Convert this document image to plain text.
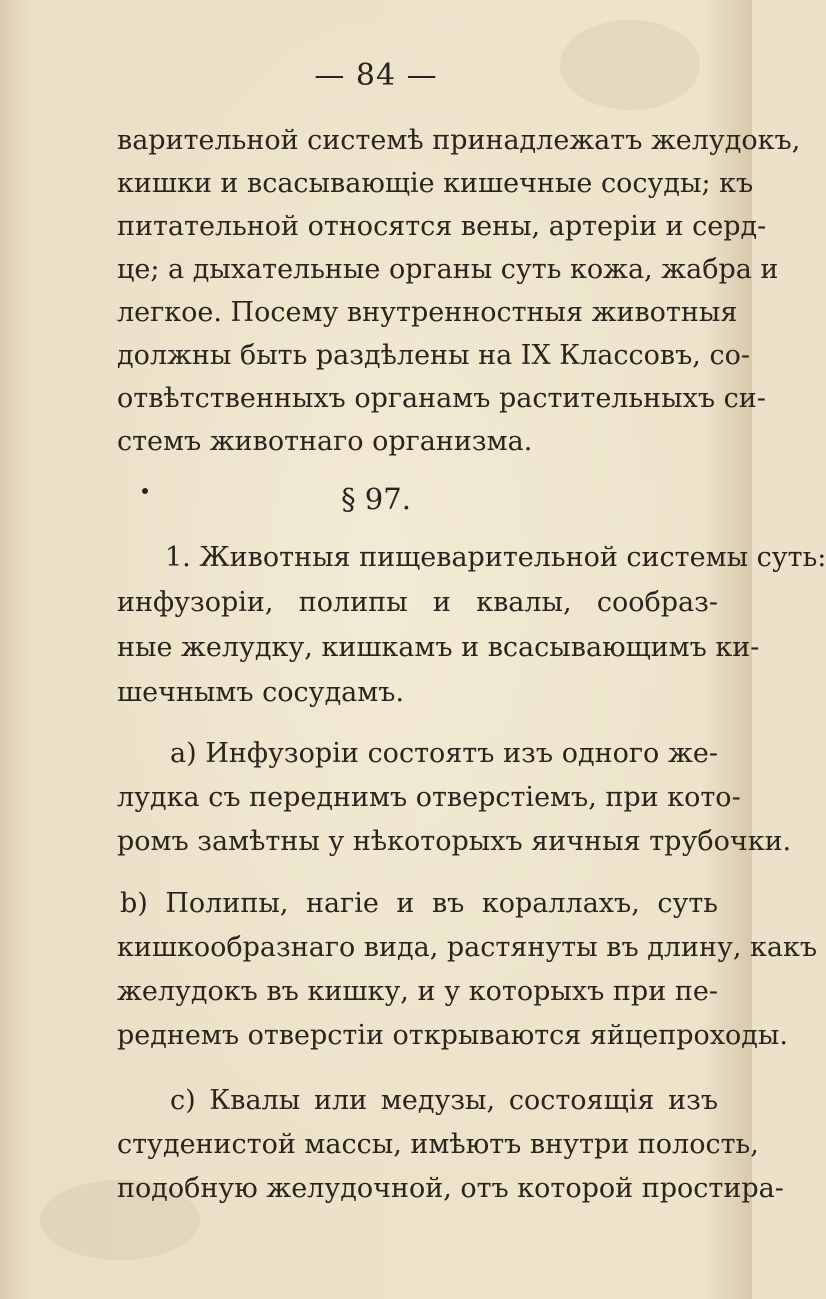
— 84 —
варительной системѣ принадлежатъ желудокъ,
кишки и всасывающіе кишечные сосуды; къ
питательной относятся вены, артеріи и серд-
це; а дыхательные органы суть кожа, жабра и
легкое. Посему внутренностныя животныя
должны быть раздѣлены на IX Классовъ, со-
отвѣтственныхъ органамъ растительныхъ си-
стемъ животнаго организма.
§ 97.
1. Животныя пищеварительной системы суть:
инфузоріи, полипы и квалы, сообраз-
ные желудку, кишкамъ и всасывающимъ ки-
шечнымъ сосудамъ.
a) Инфузоріи состоятъ изъ одного же-
лудка съ переднимъ отверстіемъ, при кото-
ромъ замѣтны у нѣкоторыхъ яичныя трубочки.
b) Полипы, нагіе и въ кораллахъ, суть
кишкообразнаго вида, растянуты въ длину, какъ
желудокъ въ кишку, и у которыхъ при пе-
реднемъ отверстіи открываются яйцепроходы.
c) Квалы или медузы, состоящія изъ
студенистой массы, имѣютъ внутри полость,
подобную желудочной, отъ которой простира-
